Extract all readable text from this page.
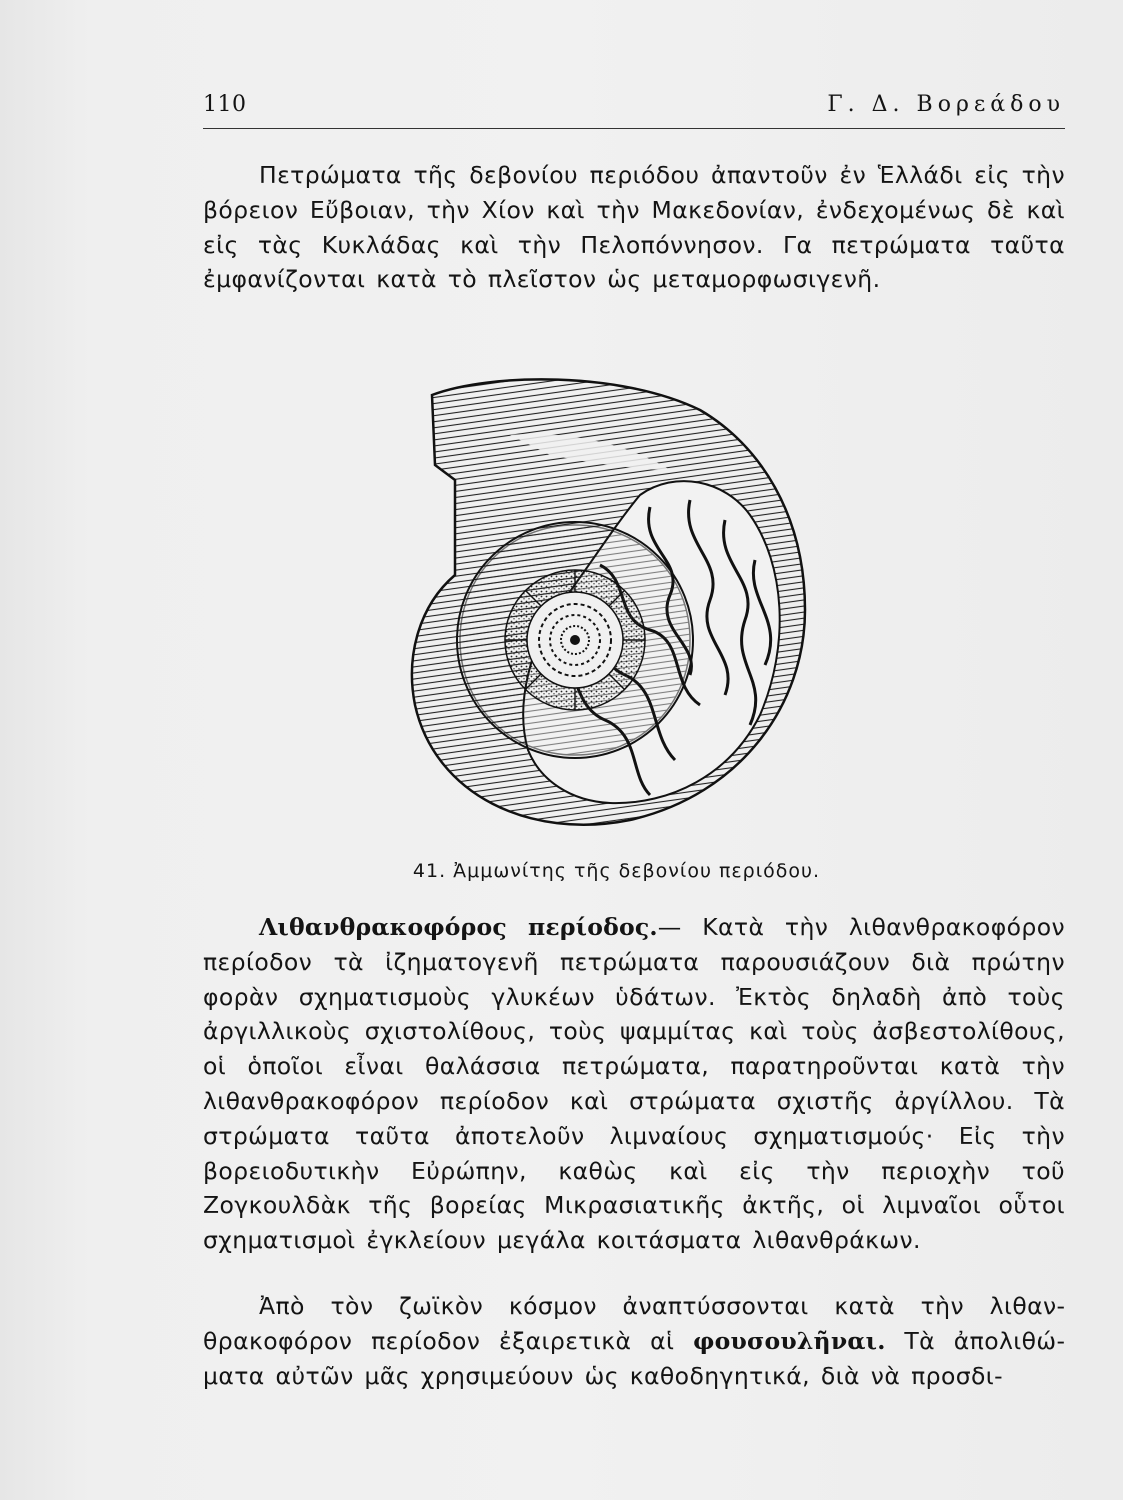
110	Γ. Δ. Βορεάδου

Πετρώματα τῆς δεβονίου περιόδου ἀπαντοῦν ἐν Ἑλλάδι εἰς τὴν βόρειον Εὔβοιαν, τὴν Χίον καὶ τὴν Μακεδονίαν, ἐνδεχομένως δὲ καὶ εἰς τὰς Κυκλάδας καὶ τὴν Πελοπόννησον. Γα πετρώματα ταῦτα ἐμφανίζονται κατὰ τὸ πλεῖστον ὡς μεταμορφωσιγενῆ.

41. Ἀμμωνίτης τῆς δεβονίου περιόδου.

Λιθανθρακοφόρος περίοδος.— Κατὰ τὴν λιθανθρακοφόρον περίοδον τὰ ἰζηματογενῆ πετρώματα παρουσιάζουν διὰ πρώτην φορὰν σχηματισμοὺς γλυκέων ὑδάτων. Ἐκτὸς δηλαδὴ ἀπὸ τοὺς ἀργιλλικοὺς σχιστολίθους, τοὺς ψαμμίτας καὶ τοὺς ἀσβεστολίθους, οἱ ὁποῖοι εἶναι θαλάσσια πετρώματα, παρατηροῦνται κατὰ τὴν λιθανθρακοφόρον περίοδον καὶ στρώματα σχιστῆς ἀργίλλου. Τὰ στρώματα ταῦτα ἀποτελοῦν λιμναίους σχηματισμούς· Εἰς τὴν βορειοδυτικὴν Εὐρώπην, καθὼς καὶ εἰς τὴν περιοχὴν τοῦ Ζογκουλδὰκ τῆς βορείας Μικρασιατικῆς ἀκτῆς, οἱ λιμναῖοι οὗτοι σχηματισμοὶ ἐγκλείουν μεγάλα κοιτάσματα λιθανθράκων.

Ἀπὸ τὸν ζωϊκὸν κόσμον ἀναπτύσσονται κατὰ τὴν λιθανθρακοφόρον περίοδον ἐξαιρετικὰ αἱ φουσουλῆναι. Τὰ ἀπολιθώματα αὐτῶν μᾶς χρησιμεύουν ὡς καθοδηγητικά, διὰ νὰ προσδι-
